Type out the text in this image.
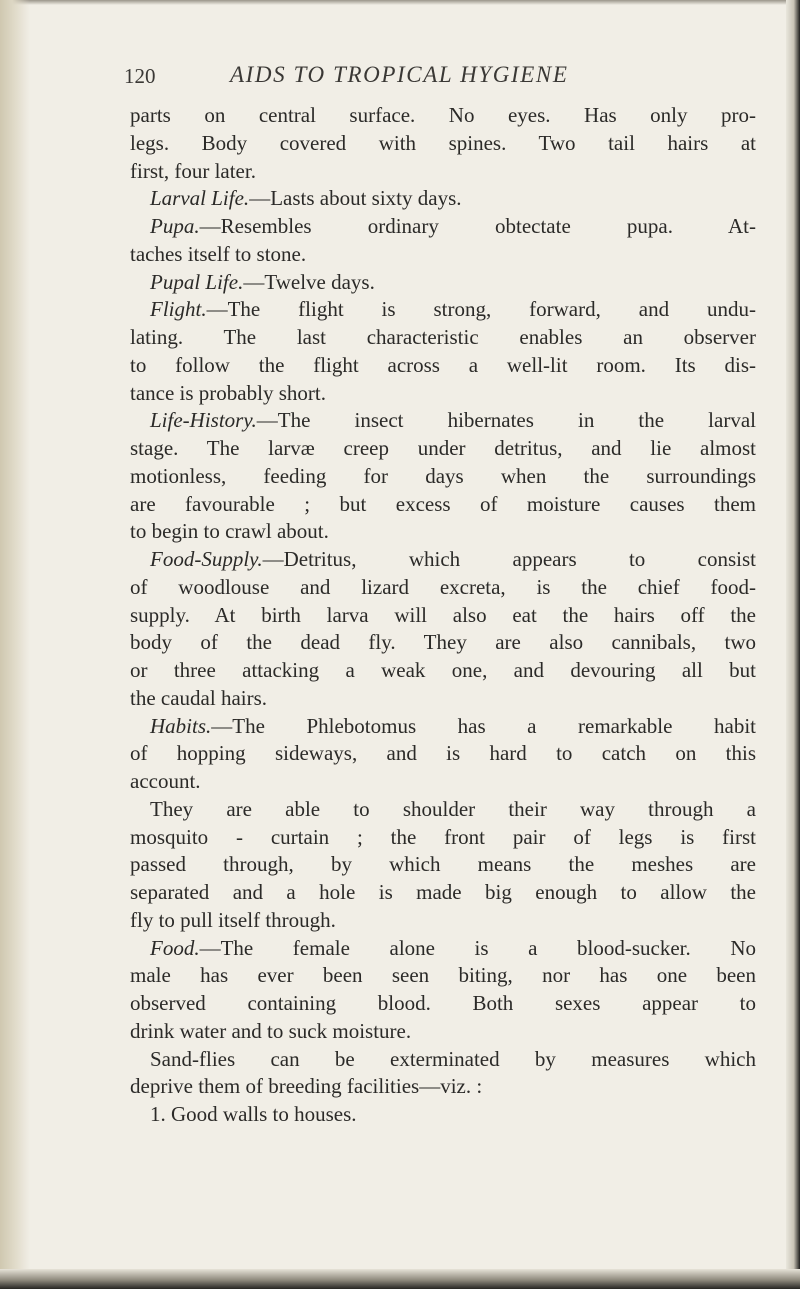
120	AIDS TO TROPICAL HYGIENE
parts on central surface. No eyes. Has only pro-
legs. Body covered with spines. Two tail hairs at
first, four later.
Larval Life.—Lasts about sixty days.
Pupa.—Resembles ordinary obtectate pupa. At-
taches itself to stone.
Pupal Life.—Twelve days.
Flight.—The flight is strong, forward, and undu-
lating. The last characteristic enables an observer
to follow the flight across a well-lit room. Its dis-
tance is probably short.
Life-History.—The insect hibernates in the larval
stage. The larvæ creep under detritus, and lie almost
motionless, feeding for days when the surroundings
are favourable ; but excess of moisture causes them
to begin to crawl about.
Food-Supply.—Detritus, which appears to consist
of woodlouse and lizard excreta, is the chief food-
supply. At birth larva will also eat the hairs off the
body of the dead fly. They are also cannibals, two
or three attacking a weak one, and devouring all but
the caudal hairs.
Habits.—The Phlebotomus has a remarkable habit
of hopping sideways, and is hard to catch on this
account.
They are able to shoulder their way through a
mosquito - curtain ; the front pair of legs is first
passed through, by which means the meshes are
separated and a hole is made big enough to allow the
fly to pull itself through.
Food.—The female alone is a blood-sucker. No
male has ever been seen biting, nor has one been
observed containing blood. Both sexes appear to
drink water and to suck moisture.
Sand-flies can be exterminated by measures which
deprive them of breeding facilities—viz. :
1. Good walls to houses.
